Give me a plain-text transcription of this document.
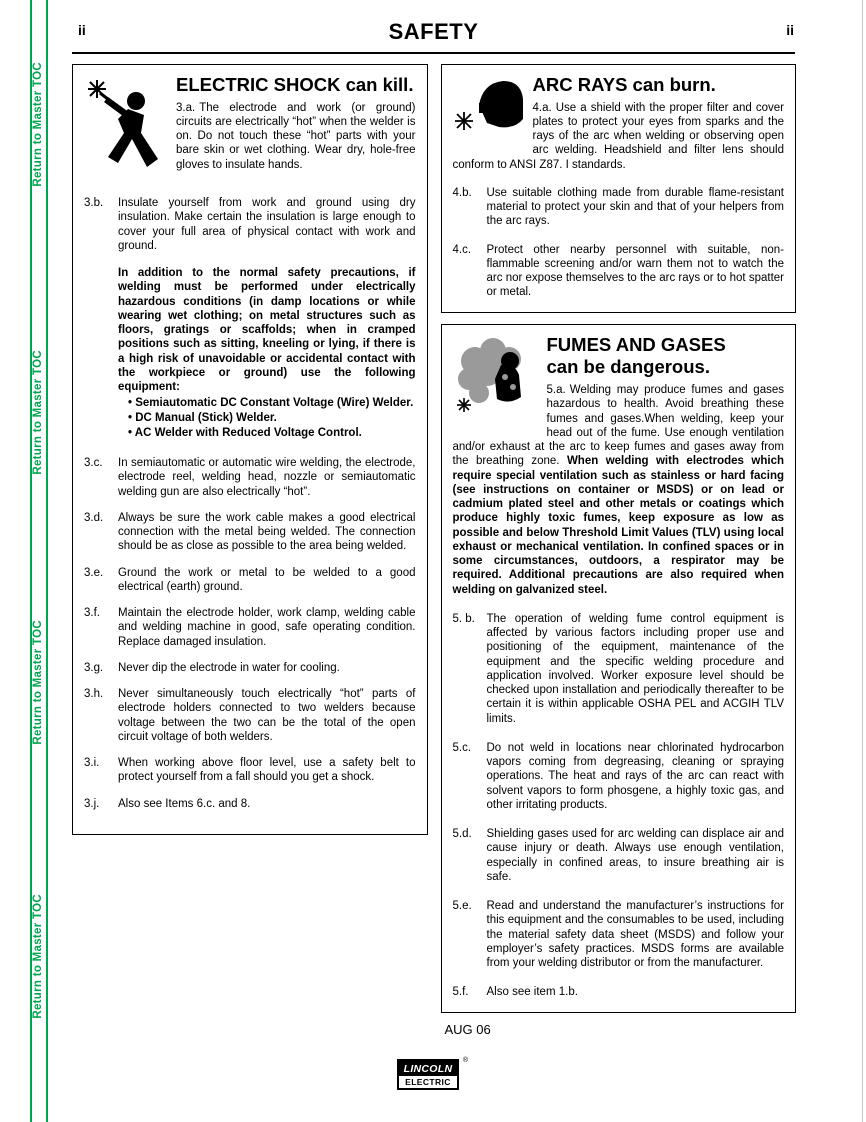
Return to Master TOC
Return to Master TOC
Return to Master TOC
Return to Master TOC
ii	SAFETY	ii
ELECTRIC SHOCK can kill.

3.a. The electrode and work (or ground) circuits are electrically “hot” when the welder is on. Do not touch these “hot” parts with your bare skin or wet clothing. Wear dry, hole-free gloves to insulate hands.

3.b.	Insulate yourself from work and ground using dry insulation. Make certain the insulation is large enough to cover your full area of physical contact with work and ground.
In addition to the normal safety precautions, if welding must be performed under electrically hazardous conditions (in damp locations or while wearing wet clothing; on metal structures such as floors, gratings or scaffolds; when in cramped positions such as sitting, kneeling or lying, if there is a high risk of unavoidable or accidental contact with the workpiece or ground) use the following equipment:
• Semiautomatic DC Constant Voltage (Wire) Welder.
• DC Manual (Stick) Welder.
• AC Welder with Reduced Voltage Control.
3.c.	In semiautomatic or automatic wire welding, the electrode, electrode reel, welding head, nozzle or semiautomatic welding gun are also electrically “hot”.
3.d.	Always be sure the work cable makes a good electrical connection with the metal being welded. The connection should be as close as possible to the area being welded.
3.e.	Ground the work or metal to be welded to a good electrical (earth) ground.
3.f.	Maintain the electrode holder, work clamp, welding cable and welding machine in good, safe operating condition. Replace damaged insulation.
3.g.	Never dip the electrode in water for cooling.
3.h.	Never simultaneously touch electrically “hot” parts of electrode holders connected to two welders because voltage between the two can be the total of the open circuit voltage of both welders.
3.i.	When working above floor level, use a safety belt to protect yourself from a fall should you get a shock.
3.j.	Also see Items 6.c. and 8.
ARC RAYS can burn.

4.a. Use a shield with the proper filter and cover plates to protect your eyes from sparks and the rays of the arc when welding or observing open arc welding. Headshield and filter lens should conform to ANSI Z87. I standards.

4.b.	Use suitable clothing made from durable flame-resistant material to protect your skin and that of your helpers from the arc rays.
4.c.	Protect other nearby personnel with suitable, non-flammable screening and/or warn them not to watch the arc nor expose themselves to the arc rays or to hot spatter or metal.
FUMES AND GASES
can be dangerous.

5.a. Welding may produce fumes and gases hazardous to health. Avoid breathing these fumes and gases.When welding, keep your head out of the fume. Use enough ventilation and/or exhaust at the arc to keep fumes and gases away from the breathing zone. When welding with electrodes which require special ventilation such as stainless or hard facing (see instructions on container or MSDS) or on lead or cadmium plated steel and other metals or coatings which produce highly toxic fumes, keep exposure as low as possible and below Threshold Limit Values (TLV) using local exhaust or mechanical ventilation. In confined spaces or in some circumstances, outdoors, a respirator may be required. Additional precautions are also required when welding on galvanized steel.

5. b.	The operation of welding fume control equipment is affected by various factors including proper use and positioning of the equipment, maintenance of the equipment and the specific welding procedure and application involved. Worker exposure level should be checked upon installation and periodically thereafter to be certain it is within applicable OSHA PEL and ACGIH TLV limits.
5.c.	Do not weld in locations near chlorinated hydrocarbon vapors coming from degreasing, cleaning or spraying operations. The heat and rays of the arc can react with solvent vapors to form phosgene, a highly toxic gas, and other irritating products.
5.d.	Shielding gases used for arc welding can displace air and cause injury or death. Always use enough ventilation, especially in confined areas, to insure breathing air is safe.
5.e.	Read and understand the manufacturer’s instructions for this equipment and the consumables to be used, including the material safety data sheet (MSDS) and follow your employer’s safety practices. MSDS forms are available from your welding distributor or from the manufacturer.
5.f.	Also see item 1.b.
AUG 06
LINCOLN
ELECTRIC
®
